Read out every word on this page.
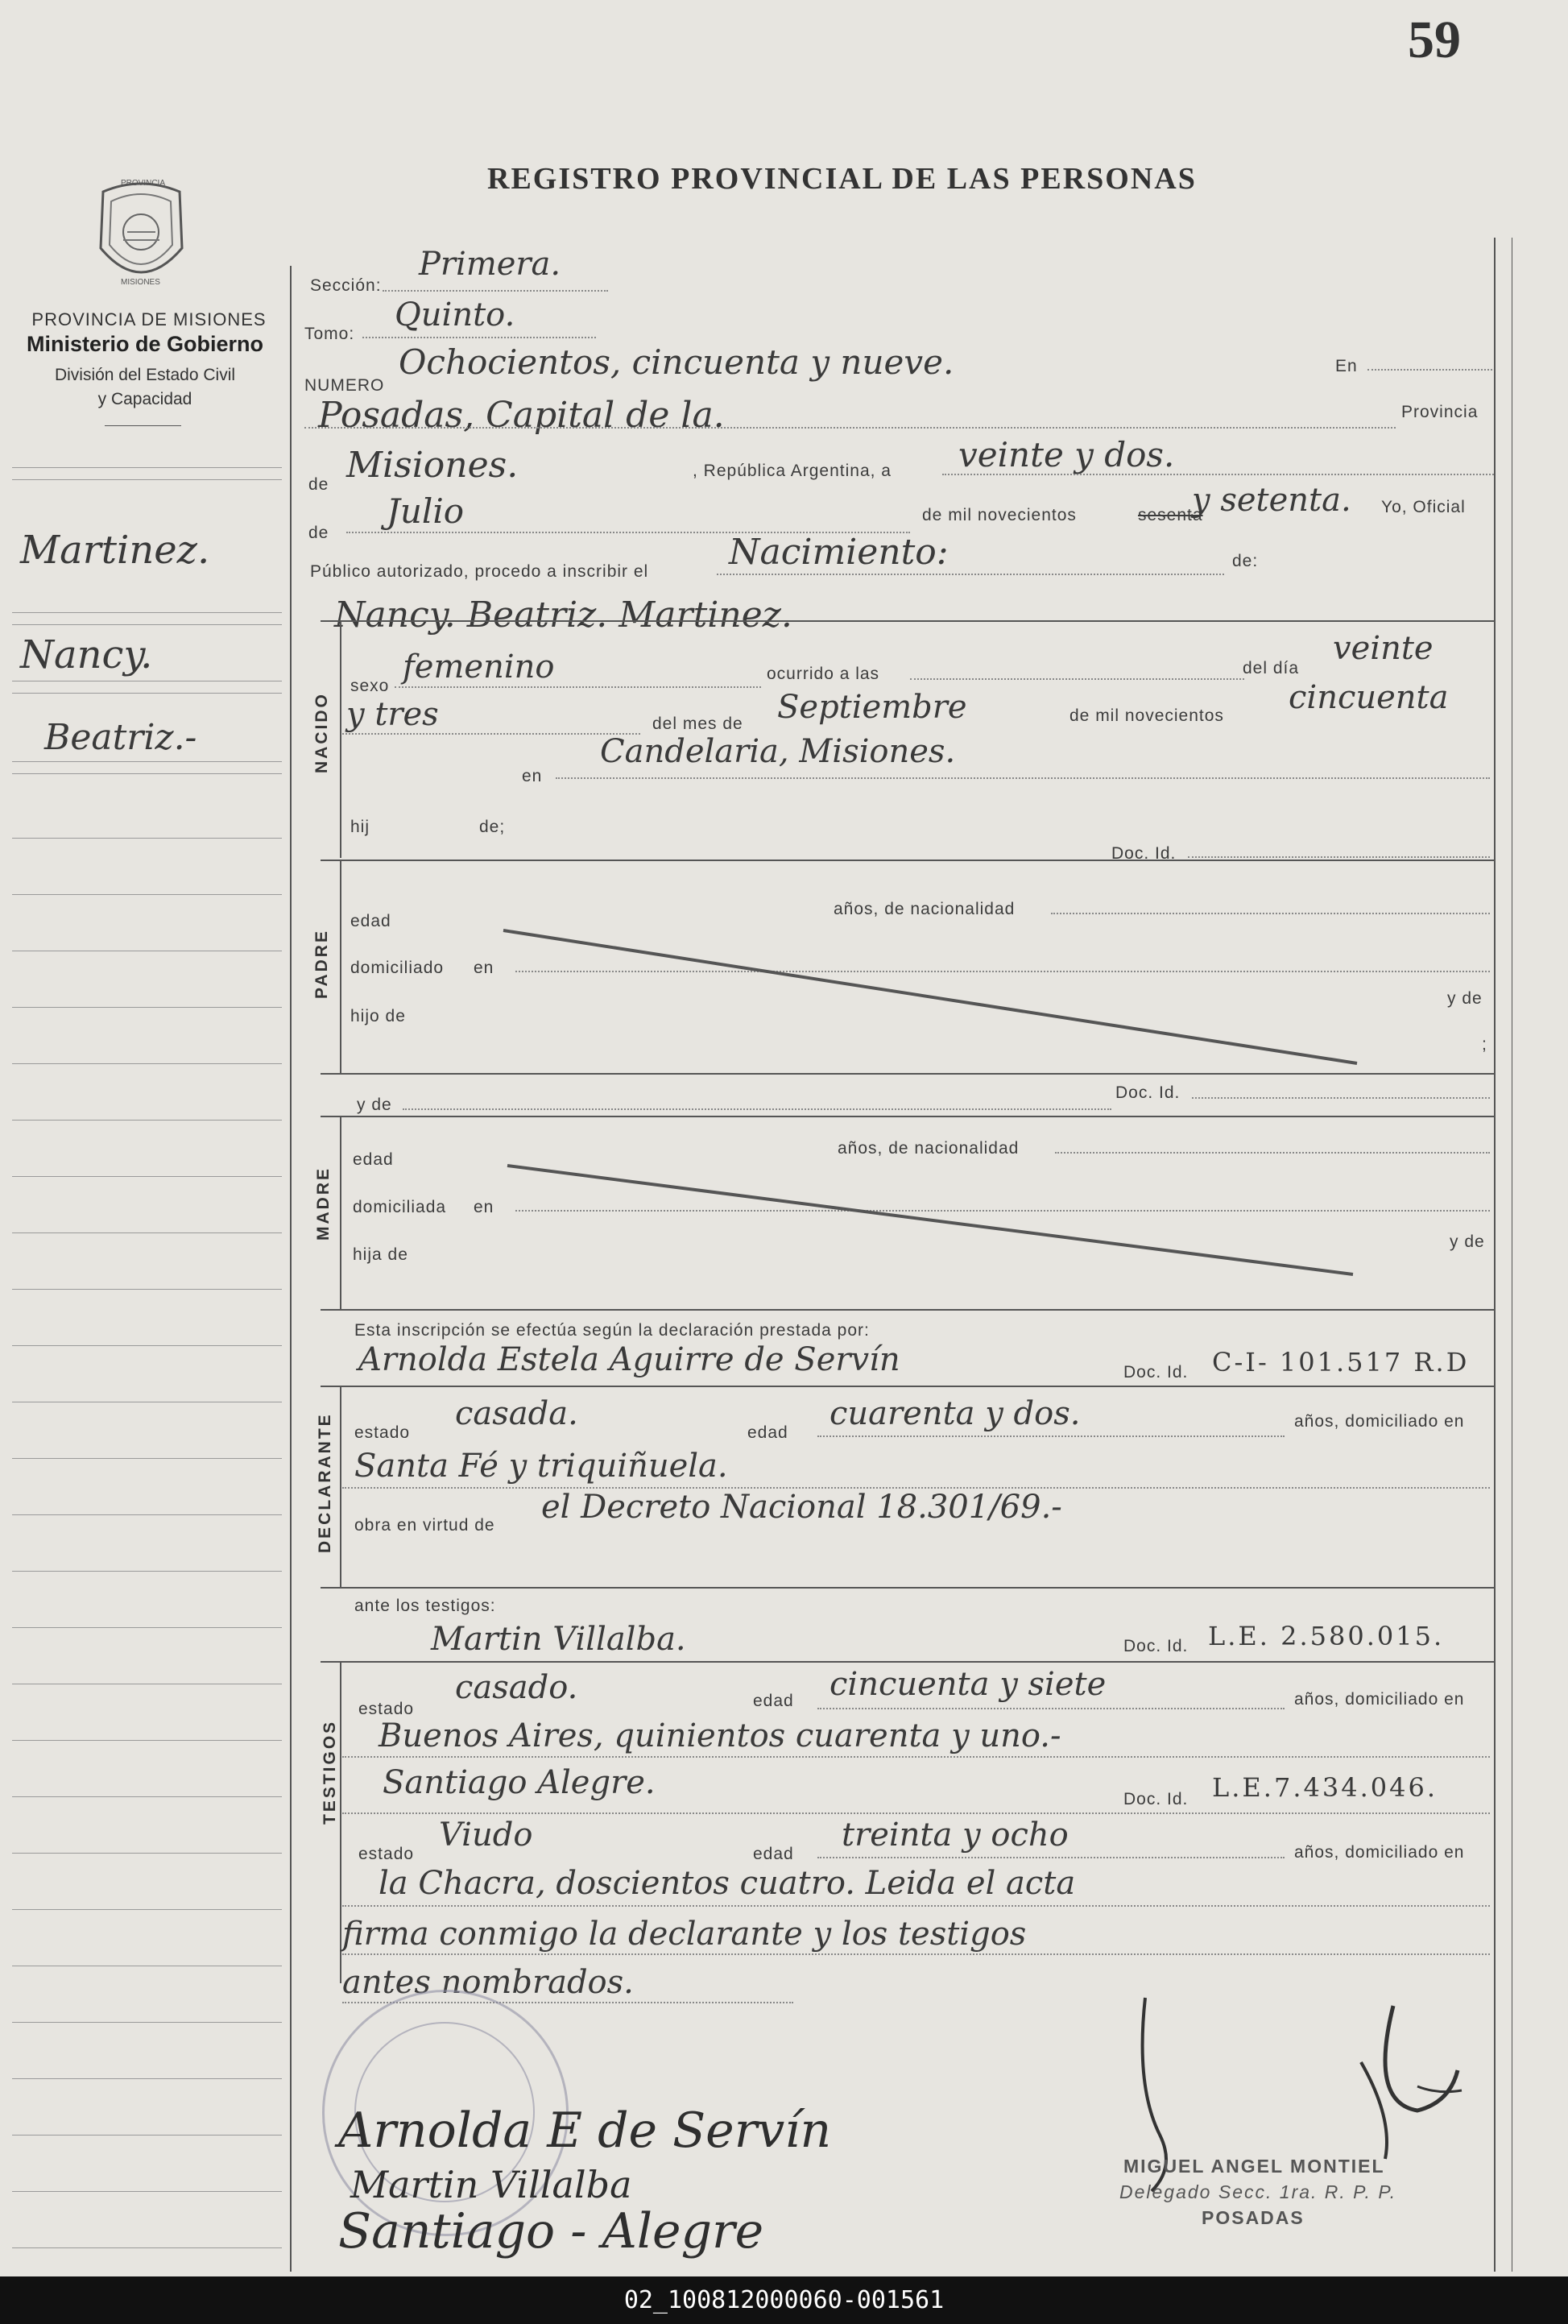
59
REGISTRO PROVINCIAL DE LAS PERSONAS
PROVINCIA
MISIONES
PROVINCIA DE MISIONES
Ministerio de Gobierno
División del Estado Civil
y Capacidad
Martinez.
Nancy.
Beatriz.-
Sección:
Primera.
Tomo:
Quinto.
NUMERO
Ochocientos, cincuenta y nueve.	En
Posadas, Capital de la.	Provincia
de Misiones.	, República Argentina, a veinte y dos.
de
Julio	de mil novecientos	sesenta
y setenta. Yo, Oficial
Público autorizado, procedo a inscribir el Nacimiento:	de:
Nancy. Beatriz. Martinez.
NACIDO
sexo
femenino	ocurrido a las	del día
veinte
y tres	del mes de Septiembre	de mil novecientos cincuenta
en
Candelaria, Misiones.
hij	de;
Doc. Id.
PADRE
edad
años, de nacionalidad
domiciliado en
hijo de
y de
;
y de
Doc. Id.
MADRE
edad
años, de nacionalidad
domiciliada en
hija de
y de
Esta inscripción se efectúa según la declaración prestada por:
Arnolda Estela Aguirre de Servín	Doc. Id. C-I- 101.517 R.D
DECLARANTE estado
casada.
edad
cuarenta y dos.	años, domiciliado en
Santa Fé y triquiñuela.
obra en virtud de el Decreto Nacional 18.301/69.-
ante los testigos:
Martin Villalba.	Doc. Id. L.E. 2.580.015.
TESTIGOS
estado
casado.	edad cincuenta y siete	años, domiciliado en
Buenos Aires, quinientos cuarenta y uno.-
Santiago Alegre.	Doc. Id. L.E.7.434.046.
estado
Viudo
edad
treinta y ocho	años, domiciliado en
la Chacra, doscientos cuatro. Leida el acta
firma conmigo la declarante y los testigos
antes nombrados.
Arnolda E de Servín
Martin Villalba
Santiago - Alegre
MIGUEL ANGEL MONTIEL
Delegado Secc. 1ra. R. P. P.
POSADAS
02_100812000060-001561
